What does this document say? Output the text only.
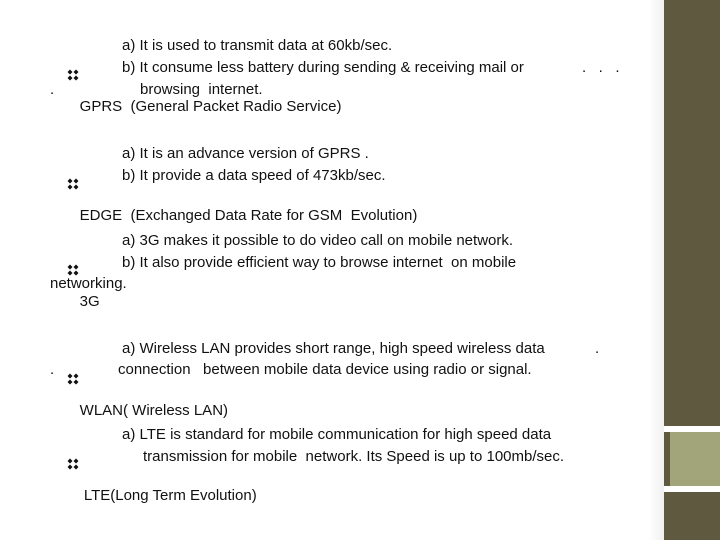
GPRS  (General Packet Radio Service)

a) It is used to transmit data at 60kb/sec.
b) It consume less battery during sending & receiving mail or	.   .   .
.	browsing  internet.

EDGE  (Exchanged Data Rate for GSM  Evolution)

a) It is an advance version of GPRS .
b) It provide a data speed of 473kb/sec.

3G

a) 3G makes it possible to do video call on mobile network.
b) It also provide efficient way to browse internet  on mobile
networking.

WLAN( Wireless LAN)

a) Wireless LAN provides short range, high speed wireless data	.
.	connection   between mobile data device using radio or signal.

LTE(Long Term Evolution)

a) LTE is standard for mobile communication for high speed data
transmission for mobile  network. Its Speed is up to 100mb/sec.
